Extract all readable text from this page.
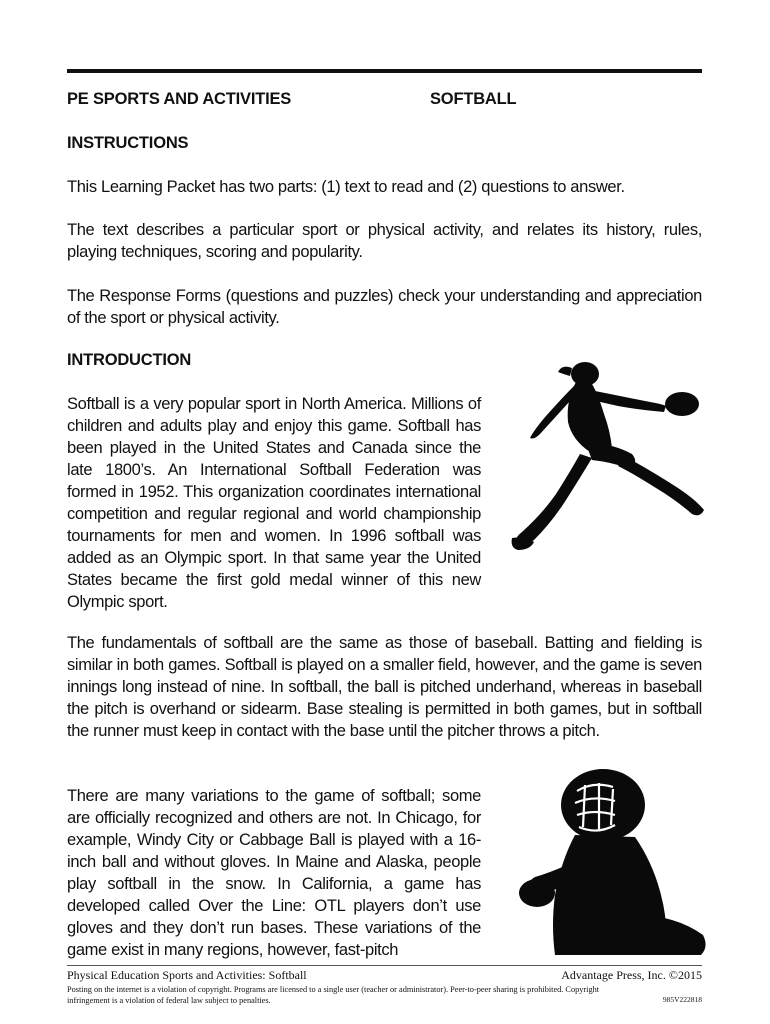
PE SPORTS AND ACTIVITIES	SOFTBALL
INSTRUCTIONS

This Learning Packet has two parts: (1) text to read and (2) questions to answer.

The text describes a particular sport or physical activity, and relates its history, rules, playing techniques, scoring and popularity.

The Response Forms (questions and puzzles) check your understanding and appreciation of the sport or physical activity.

INTRODUCTION

Softball is a very popular sport in North America. Millions of children and adults play and enjoy this game. Softball has been played in the United States and Canada since the late 1800’s. An International Softball Federation was formed in 1952. This organization coordinates international competition and regular regional and world championship tournaments for men and women. In 1996 softball was added as an Olympic sport. In that same year the United States became the first gold medal winner of this new Olympic sport.

The fundamentals of softball are the same as those of baseball. Batting and fielding is similar in both games. Softball is played on a smaller field, however, and the game is seven innings long instead of nine. In softball, the ball is pitched underhand, whereas in baseball the pitch is overhand or sidearm. Base stealing is permitted in both games, but in softball the runner must keep in contact with the base until the pitcher throws a pitch.

There are many variations to the game of softball; some are officially recognized and others are not. In Chicago, for example, Windy City or Cabbage Ball is played with a 16-inch ball and without gloves. In Maine and Alaska, people play softball in the snow. In California, a game has developed called Over the Line: OTL players don’t use gloves and they don’t run bases. These variations of the game exist in many regions, however, fast-pitch

Physical Education Sports and Activities: Softball	Advantage Press, Inc. ©2015
Posting on the internet is a violation of copyright. Programs are licensed to a single user (teacher or administrator). Peer-to-peer sharing is prohibited. Copyright infringement is a violation of federal law subject to penalties.	985V222818
